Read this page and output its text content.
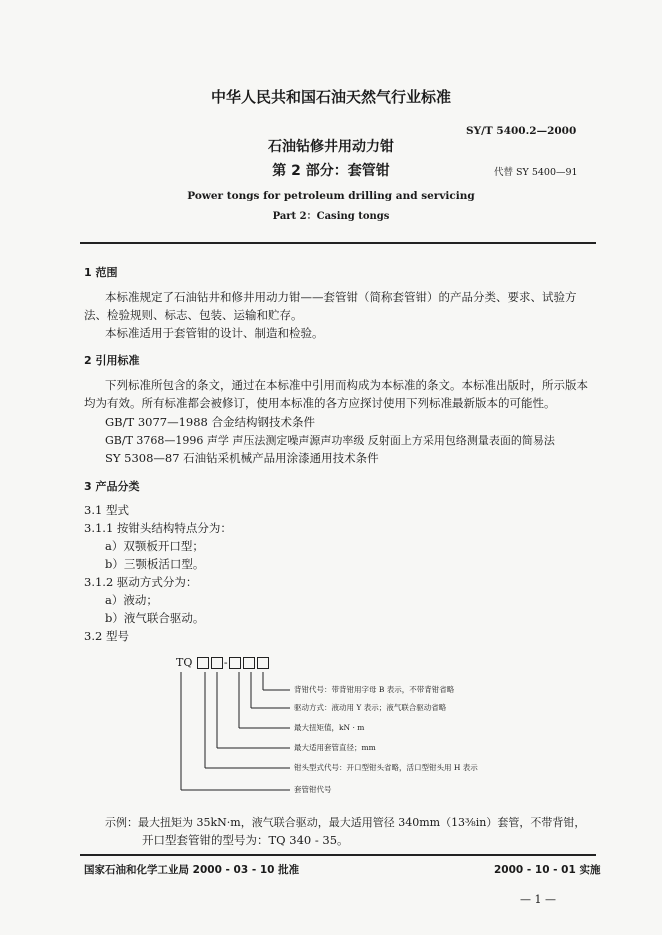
中华人民共和国石油天然气行业标准
SY/T 5400.2—2000
石油钻修井用动力钳
第 2 部分：套管钳	代替 SY 5400—91
Power tongs for petroleum drilling and servicing
Part 2：Casing tongs
1 范围
本标准规定了石油钻井和修井用动力钳——套管钳（简称套管钳）的产品分类、要求、试验方
法、检验规则、标志、包装、运输和贮存。
本标准适用于套管钳的设计、制造和检验。
2 引用标准
下列标准所包含的条文，通过在本标准中引用而构成为本标准的条文。本标准出版时，所示版本
均为有效。所有标准都会被修订，使用本标准的各方应探讨使用下列标准最新版本的可能性。
GB/T 3077—1988 合金结构钢技术条件
GB/T 3768—1996 声学 声压法测定噪声源声功率级 反射面上方采用包络测量表面的简易法
SY 5308—87 石油钻采机械产品用涂漆通用技术条件
3 产品分类
3.1 型式
3.1.1 按钳头结构特点分为：
a）双颚板开口型；
b）三颚板活口型。
3.1.2 驱动方式分为：
a）液动；
b）液气联合驱动。
3.2 型号
TQ	-
背钳代号：带背钳用字母 B 表示，不带背钳省略
驱动方式：液动用 Y 表示；液气联合驱动省略
最大扭矩值，kN · m
最大适用套管直径；mm
钳头型式代号：开口型钳头省略，活口型钳头用 H 表示
套管钳代号
示例：最大扭矩为 35kN·m，液气联合驱动，最大适用管径 340mm（13⅜in）套管，不带背钳，
开口型套管钳的型号为：TQ 340 - 35。
国家石油和化学工业局 2000 - 03 - 10 批准	2000 - 10 - 01 实施
— 1 —
